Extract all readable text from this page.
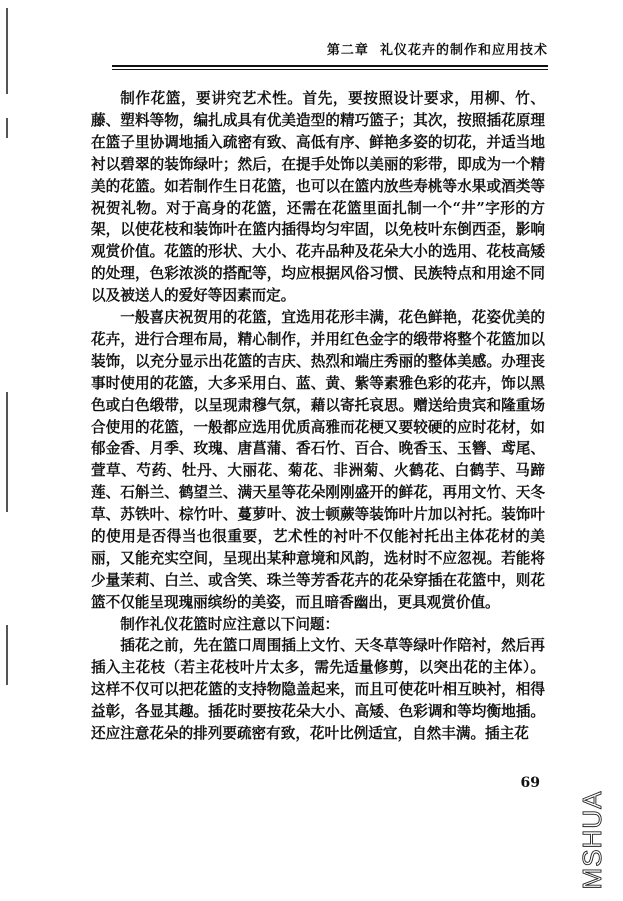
第二章 礼仪花卉的制作和应用技术

制作花篮，要讲究艺术性。首先，要按照设计要求，用柳、竹、藤、塑料等物，编扎成具有优美造型的精巧篮子；其次，按照插花原理在篮子里协调地插入疏密有致、高低有序、鲜艳多姿的切花，并适当地衬以碧翠的装饰绿叶；然后，在提手处饰以美丽的彩带，即成为一个精美的花篮。如若制作生日花篮，也可以在篮内放些寿桃等水果或酒类等祝贺礼物。对于高身的花篮，还需在花篮里面扎制一个“井”字形的方架，以使花枝和装饰叶在篮内插得均匀牢固，以免枝叶东倒西歪，影响观赏价值。花篮的形状、大小、花卉品种及花朵大小的选用、花枝高矮的处理，色彩浓淡的搭配等，均应根据风俗习惯、民族特点和用途不同以及被送人的爱好等因素而定。

一般喜庆祝贺用的花篮，宜选用花形丰满，花色鲜艳，花姿优美的花卉，进行合理布局，精心制作，并用红色金字的缎带将整个花篮加以装饰，以充分显示出花篮的吉庆、热烈和端庄秀丽的整体美感。办理丧事时使用的花篮，大多采用白、蓝、黄、紫等素雅色彩的花卉，饰以黑色或白色缎带，以呈现肃穆气氛，藉以寄托哀思。赠送给贵宾和隆重场合使用的花篮，一般都应选用优质高雅而花梗又要较硬的应时花材，如郁金香、月季、玫瑰、唐菖蒲、香石竹、百合、晚香玉、玉簪、鸢尾、萱草、芍药、牡丹、大丽花、菊花、非洲菊、火鹤花、白鹤芋、马蹄莲、石斛兰、鹤望兰、满天星等花朵刚刚盛开的鲜花，再用文竹、天冬草、苏铁叶、棕竹叶、蔓萝叶、波士顿蕨等装饰叶片加以衬托。装饰叶的使用是否得当也很重要，艺术性的衬叶不仅能衬托出主体花材的美丽，又能充实空间，呈现出某种意境和风韵，选材时不应忽视。若能将少量茉莉、白兰、或含笑、珠兰等芳香花卉的花朵穿插在花篮中，则花篮不仅能呈现瑰丽缤纷的美姿，而且暗香幽出，更具观赏价值。

制作礼仪花篮时应注意以下问题：

插花之前，先在篮口周围插上文竹、天冬草等绿叶作陪衬，然后再插入主花枝（若主花枝叶片太多，需先适量修剪，以突出花的主体）。这样不仅可以把花篮的支持物隐盖起来，而且可使花叶相互映衬，相得益彰，各显其趣。插花时要按花朵大小、高矮、色彩调和等均衡地插。还应注意花朵的排列要疏密有致，花叶比例适宜，自然丰满。插主花

69
MSHUA
